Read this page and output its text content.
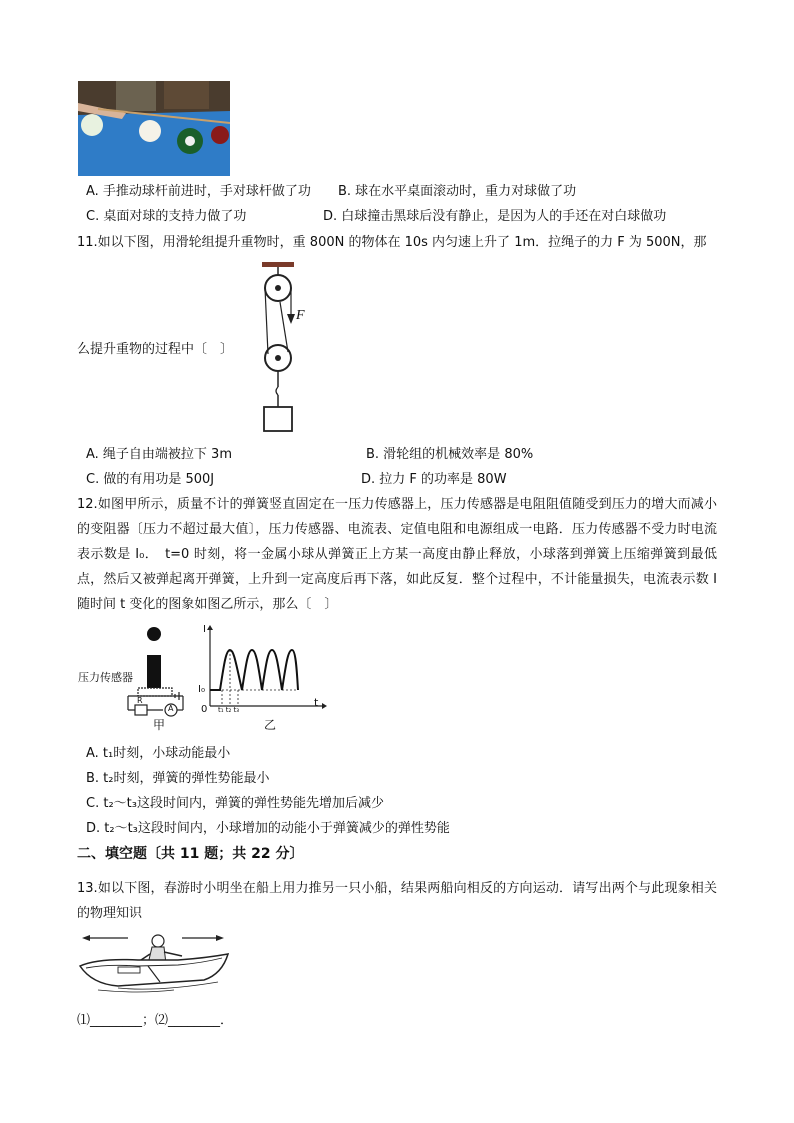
A. 手推动球杆前进时，手对球杆做了功 B. 球在水平桌面滚动时，重力对球做了功
C. 桌面对球的支持力做了功	D. 白球撞击黑球后没有静止，是因为人的手还在对白球做功
11.如以下图，用滑轮组提升重物时，重 800N 的物体在 10s 内匀速上升了 1m．拉绳子的力 F 为 500N，那
F
么提升重物的过程中〔　〕
A. 绳子自由端被拉下 3m	B. 滑轮组的机械效率是 80%
C. 做的有用功是 500J	D. 拉力 F 的功率是 80W
12.如图甲所示，质量不计的弹簧竖直固定在一压力传感器上，压力传感器是电阻阻值随受到压力的增大而减小的变阻器〔压力不超过最大值〕，压力传感器、电流表、定值电阻和电源组成一电路．压力传感器不受力时电流表示数是 I₀．　t=0 时刻，将一金属小球从弹簧正上方某一高度由静止释放，小球落到弹簧上压缩弹簧到最低点，然后又被弹起离开弹簧，上升到一定高度后再下落，如此反复．整个过程中，不计能量损失，电流表示数 I 随时间 t 变化的图象如图乙所示，那么〔　〕
压力传感器
R
A
甲
I
I₀
0 t₁ t₂ t₃
t
乙
A. t₁时刻，小球动能最小
B. t₂时刻，弹簧的弹性势能最小
C. t₂～t₃这段时间内，弹簧的弹性势能先增加后减少
D. t₂～t₃这段时间内，小球增加的动能小于弹簧减少的弹性势能
二、填空题〔共 11 题；共 22 分〕
13.如以下图，春游时小明坐在船上用力推另一只小船，结果两船向相反的方向运动．请写出两个与此现象相关的物理知识
⑴________；⑵________．
